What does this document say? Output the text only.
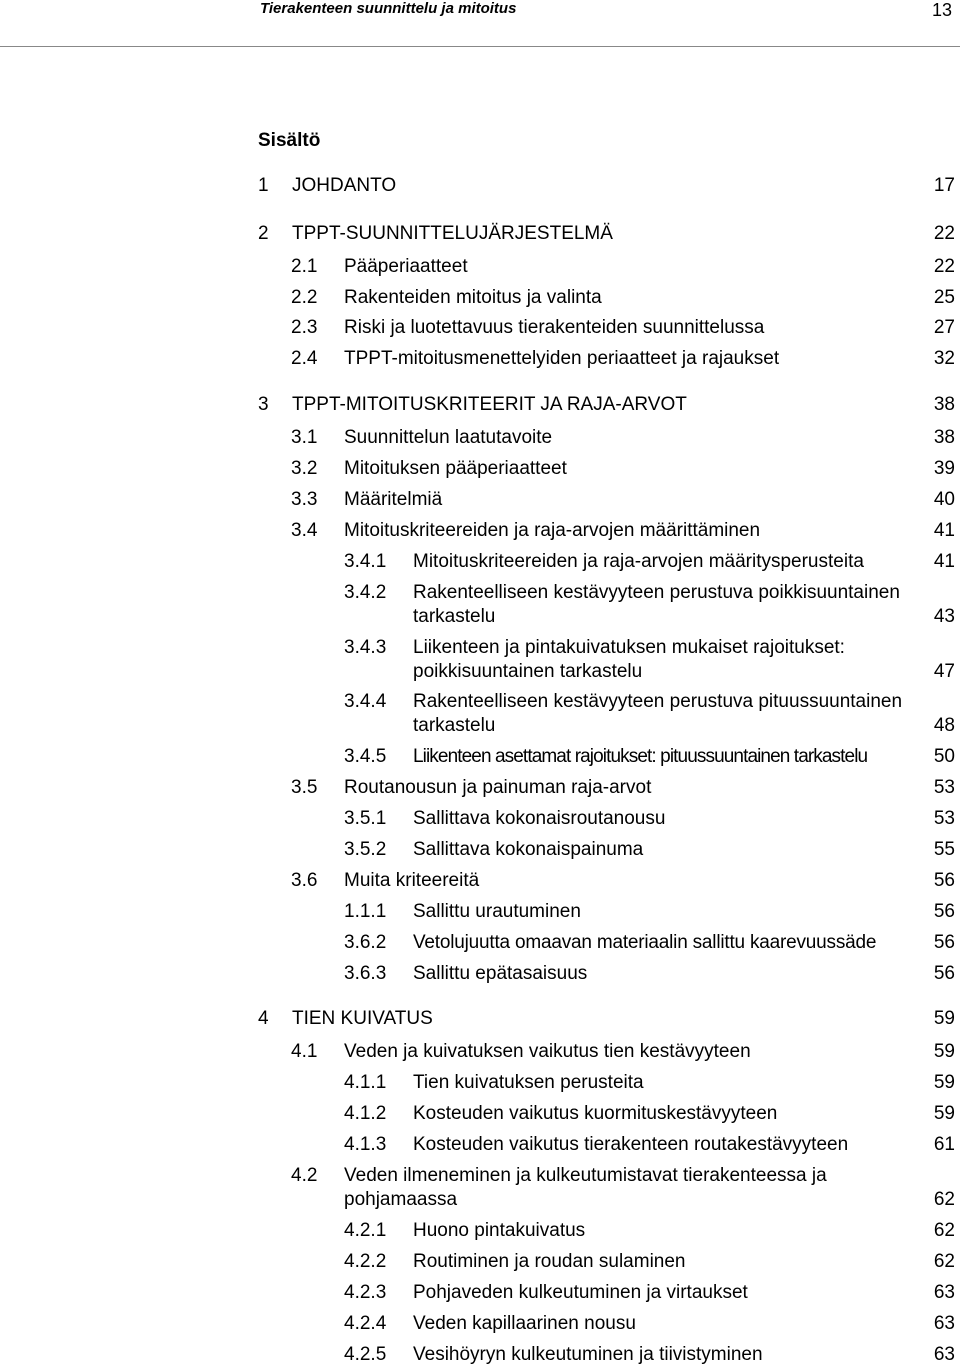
Tierakenteen suunnittelu ja mitoitus	13
Sisältö
1 JOHDANTO	17
2 TPPT-SUUNNITTELUJÄRJESTELMÄ	22
2.1 Pääperiaatteet	22
2.2 Rakenteiden mitoitus ja valinta	25
2.3 Riski ja luotettavuus tierakenteiden suunnittelussa	27
2.4 TPPT-mitoitusmenettelyiden periaatteet ja rajaukset	32
3 TPPT-MITOITUSKRITEERIT JA RAJA-ARVOT	38
3.1 Suunnittelun laatutavoite	38
3.2 Mitoituksen pääperiaatteet	39
3.3 Määritelmiä	40
3.4 Mitoituskriteereiden ja raja-arvojen määrittäminen	41
3.4.1 Mitoituskriteereiden ja raja-arvojen määritysperusteita	41
3.4.2 Rakenteelliseen kestävyyteen perustuva poikkisuuntainen
tarkastelu	43
3.4.3 Liikenteen ja pintakuivatuksen mukaiset rajoitukset:
poikkisuuntainen tarkastelu	47
3.4.4 Rakenteelliseen kestävyyteen perustuva pituussuuntainen
tarkastelu	48
3.4.5 Liikenteen asettamat rajoitukset: pituussuuntainen tarkastelu	50
3.5 Routanousun ja painuman raja-arvot	53
3.5.1 Sallittava kokonaisroutanousu	53
3.5.2 Sallittava kokonaispainuma	55
3.6 Muita kriteereitä	56
1.1.1 Sallittu urautuminen	56
3.6.2 Vetolujuutta omaavan materiaalin sallittu kaarevuussäde	56
3.6.3 Sallittu epätasaisuus	56
4 TIEN KUIVATUS	59
4.1 Veden ja kuivatuksen vaikutus tien kestävyyteen	59
4.1.1 Tien kuivatuksen perusteita	59
4.1.2 Kosteuden vaikutus kuormituskestävyyteen	59
4.1.3 Kosteuden vaikutus tierakenteen routakestävyyteen	61
4.2 Veden ilmeneminen ja kulkeutumistavat tierakenteessa ja
pohjamaassa	62
4.2.1 Huono pintakuivatus	62
4.2.2 Routiminen ja roudan sulaminen	62
4.2.3 Pohjaveden kulkeutuminen ja virtaukset	63
4.2.4 Veden kapillaarinen nousu	63
4.2.5 Vesihöyryn kulkeutuminen ja tiivistyminen	63
